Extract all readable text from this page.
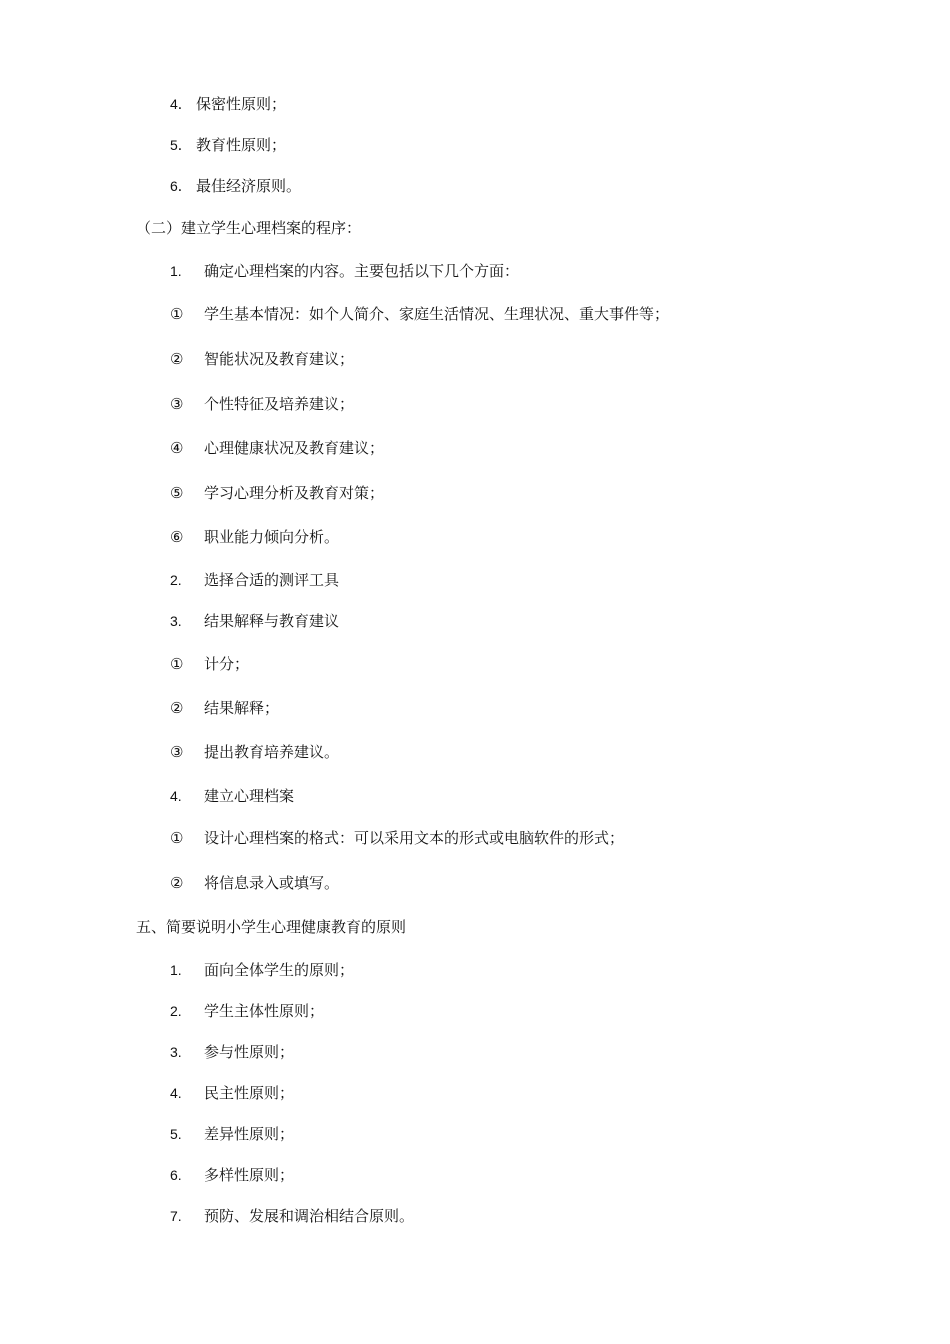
4． 保密性原则；
5． 教育性原则；
6． 最佳经济原则。
（二）建立学生心理档案的程序：
1. 确定心理档案的内容。主要包括以下几个方面：
① 学生基本情况：如个人简介、家庭生活情况、生理状况、重大事件等；
② 智能状况及教育建议；
③ 个性特征及培养建议；
④ 心理健康状况及教育建议；
⑤ 学习心理分析及教育对策；
⑥ 职业能力倾向分析。
2. 选择合适的测评工具
3. 结果解释与教育建议
① 计分；
② 结果解释；
③ 提出教育培养建议。
4. 建立心理档案
① 设计心理档案的格式：可以采用文本的形式或电脑软件的形式；
② 将信息录入或填写。
五、简要说明小学生心理健康教育的原则
1. 面向全体学生的原则；
2. 学生主体性原则；
3. 参与性原则；
4. 民主性原则；
5. 差异性原则；
6. 多样性原则；
7. 预防、发展和调治相结合原则。
